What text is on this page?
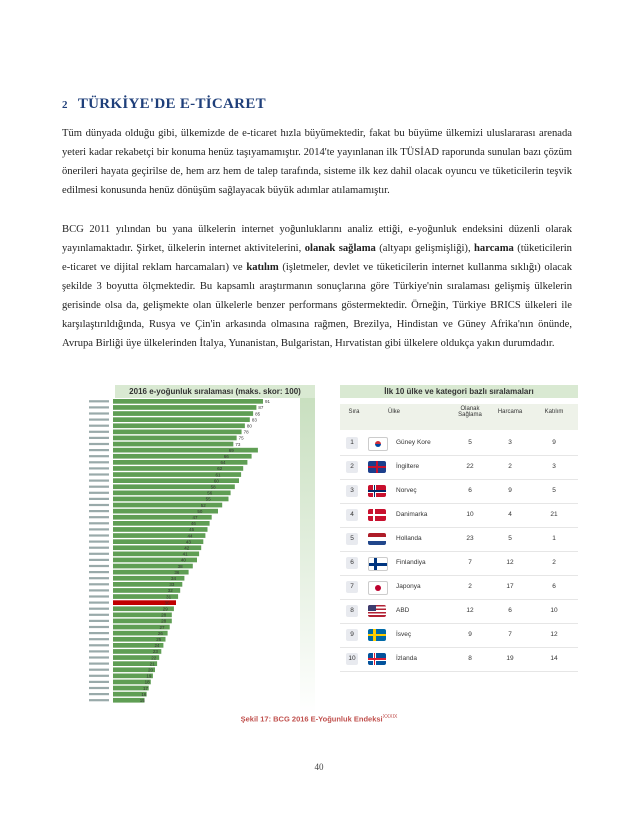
2 TÜRKİYE'DE E-TİCARET
Tüm dünyada olduğu gibi, ülkemizde de e-ticaret hızla büyümektedir, fakat bu büyüme ülkemizi uluslararası arenada yeteri kadar rekabetçi bir konuma henüz taşıyamamıştır. 2014'te yayınlanan ilk TÜSİAD raporunda sunulan bazı çözüm önerileri hayata geçirilse de, hem arz hem de talep tarafında, sisteme ilk kez dahil olacak oyuncu ve tüketicilerin teşvik edilmesi konusunda henüz dönüşüm sağlayacak büyük adımlar atılamamıştır.
BCG 2011 yılından bu yana ülkelerin internet yoğunluklarını analiz ettiği, e-yoğunluk endeksini düzenli olarak yayınlamaktadır. Şirket, ülkelerin internet aktivitelerini, olanak sağlama (altyapı gelişmişliği), harcama (tüketicilerin e-ticaret ve dijital reklam harcamaları) ve katılım (işletmeler, devlet ve tüketicilerin internet kullanma sıklığı) olacak şekilde 3 boyutta ölçmektedir. Bu kapsamlı araştırmanın sonuçlarına göre Türkiye'nin sıralaması gelişmiş ülkelerin gerisinde olsa da, gelişmekte olan ülkelerle benzer performans göstermektedir. Örneğin, Türkiye BRICS ülkeleri ile karşılaştırıldığında, Rusya ve Çin'in arkasında olmasına rağmen, Brezilya, Hindistan ve Güney Afrika'nın önünde, Avrupa Birliği üye ülkelerinden İtalya, Yunanistan, Bulgaristan, Hırvatistan gibi ülkelere oldukça yakın durumdadır.
2016 e-yoğunluk sıralaması (maks. skor: 100)
91
87
85
83
80
78
75
73
69
66
64
62
61
60
58
56
55
52
50
47
46
45
44
43
42
41
40
38
36
34
33
32
31
30
29
28
28
27
26
25
24
23
22
21
20
19
18
17
16
15
İlk 10 ülke ve kategori bazlı sıralamaları
Sıra	Ülke	Olanak Sağlama	Harcama	Katılım
1	Güney Kore	5	3	9
2	İngiltere	22	2	3
3	Norveç	6	9	5
4	Danimarka	10	4	21
5	Hollanda	23	5	1
6	Finlandiya	7	12	2
7	Japonya	2	17	6
8	ABD	12	6	10
9	İsveç	9	7	12
10	İzlanda	8	19	14
Şekil 17: BCG 2016 E-Yoğunluk Endeksi$^{XXXIX}$
40
